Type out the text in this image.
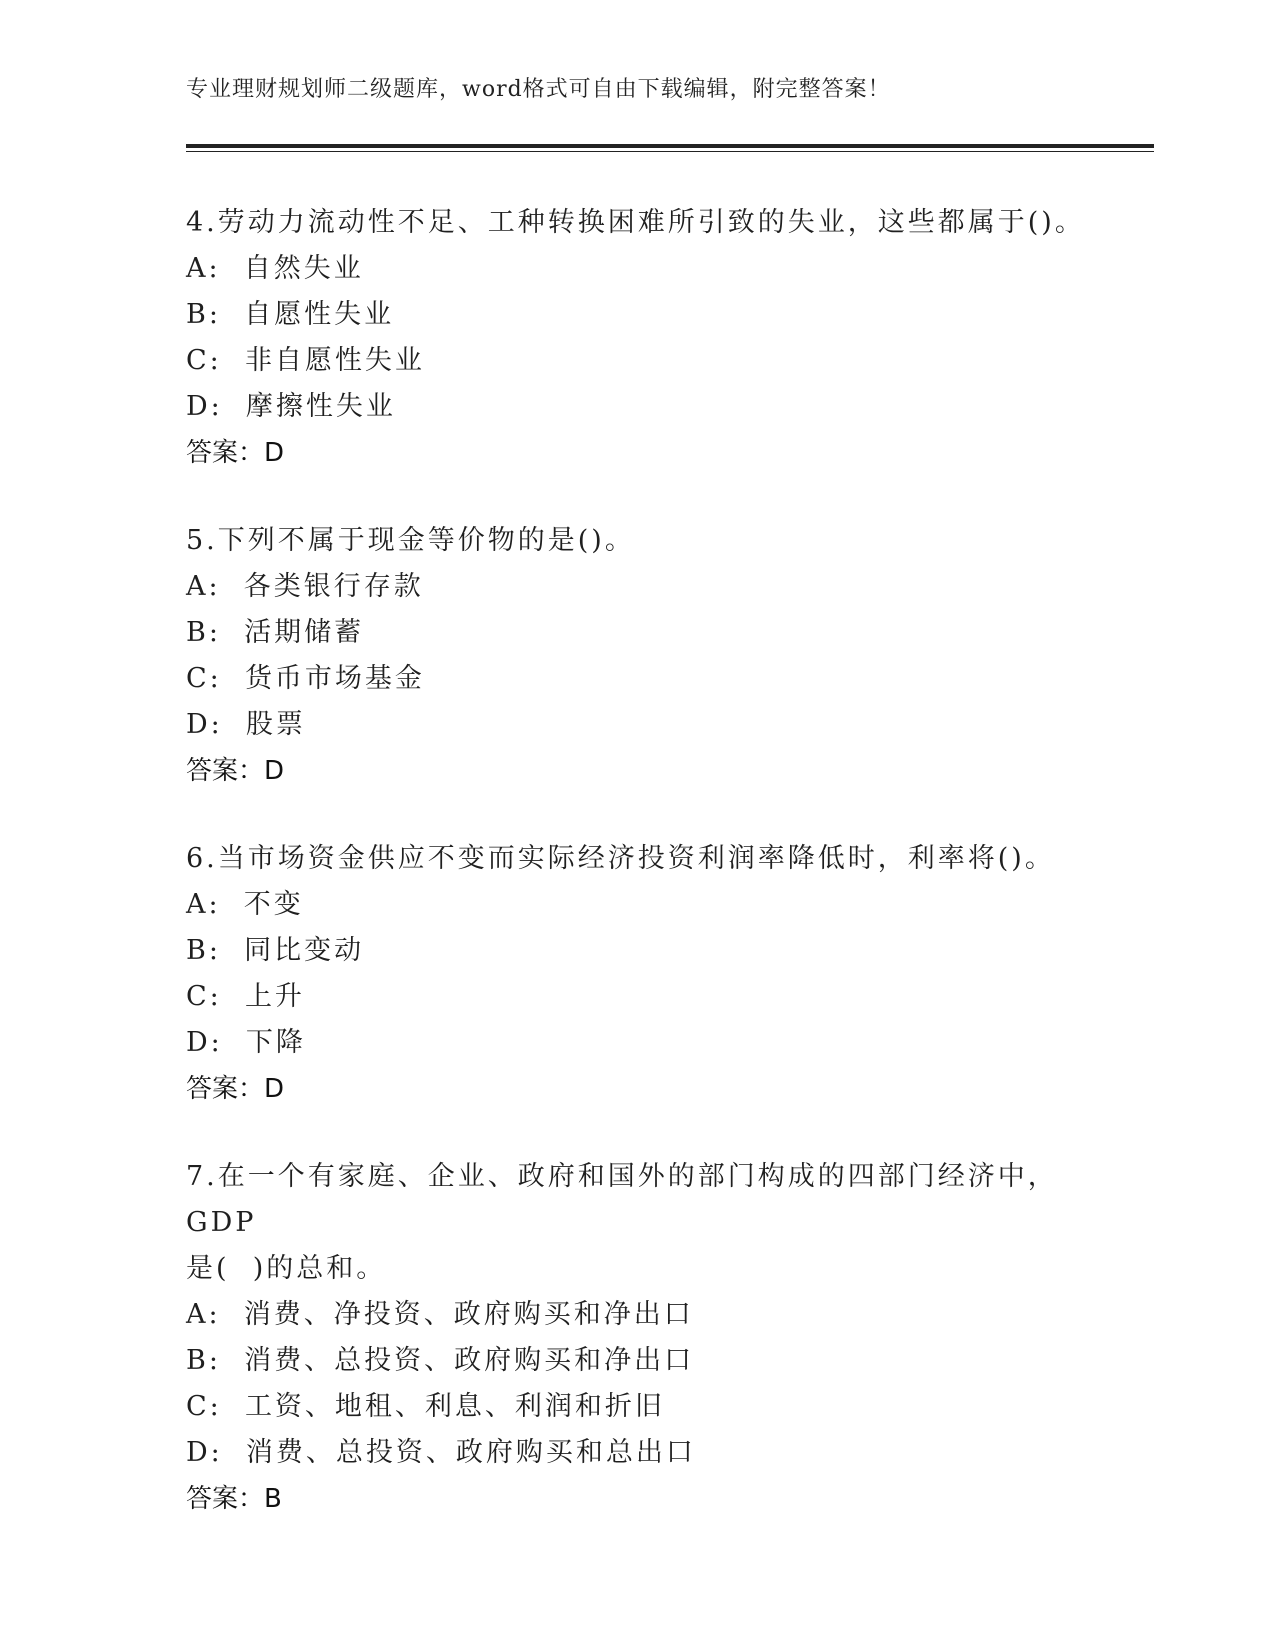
专业理财规划师二级题库，word格式可自由下载编辑，附完整答案！
4.劳动力流动性不足、工种转换困难所引致的失业，这些都属于()。
A: 自然失业
B: 自愿性失业
C: 非自愿性失业
D: 摩擦性失业
答案：D
5.下列不属于现金等价物的是()。
A: 各类银行存款
B: 活期储蓄
C: 货币市场基金
D: 股票
答案：D
6.当市场资金供应不变而实际经济投资利润率降低时，利率将()。
A: 不变
B: 同比变动
C: 上升
D: 下降
答案：D
7.在一个有家庭、企业、政府和国外的部门构成的四部门经济中，GDP
是(  )的总和。
A: 消费、净投资、政府购买和净出口
B: 消费、总投资、政府购买和净出口
C: 工资、地租、利息、利润和折旧
D: 消费、总投资、政府购买和总出口
答案：B
